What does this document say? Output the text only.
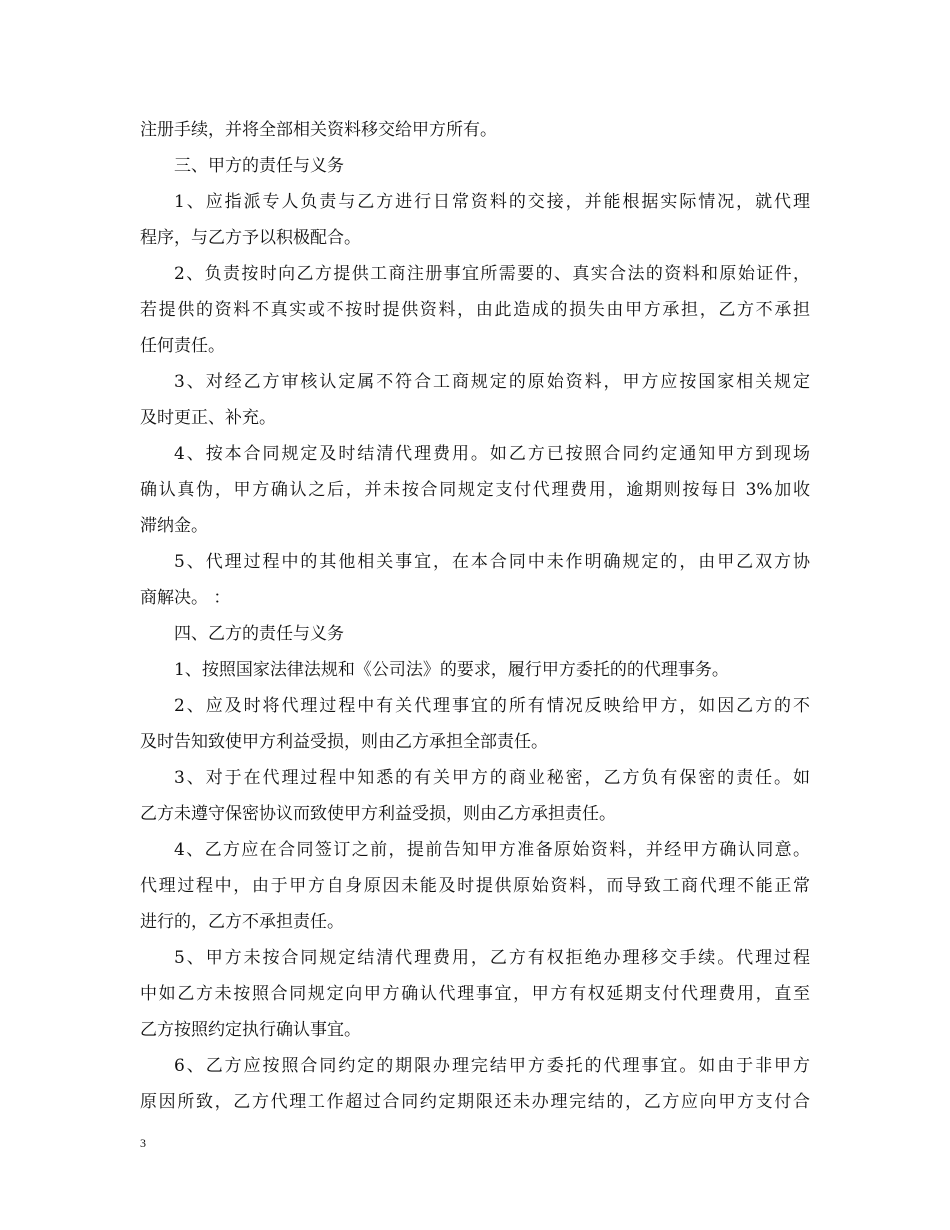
注册手续，并将全部相关资料移交给甲方所有。
三、甲方的责任与义务
1、应指派专人负责与乙方进行日常资料的交接，并能根据实际情况，就代理
程序，与乙方予以积极配合。
2、负责按时向乙方提供工商注册事宜所需要的、真实合法的资料和原始证件，
若提供的资料不真实或不按时提供资料，由此造成的损失由甲方承担，乙方不承担
任何责任。
3、对经乙方审核认定属不符合工商规定的原始资料，甲方应按国家相关规定
及时更正、补充。
4、按本合同规定及时结清代理费用。如乙方已按照合同约定通知甲方到现场
确认真伪，甲方确认之后，并未按合同规定支付代理费用，逾期则按每日 3%加收
滞纳金。
5、代理过程中的其他相关事宜，在本合同中未作明确规定的，由甲乙双方协
商解决。 ：
四、乙方的责任与义务
1、按照国家法律法规和《公司法》的要求，履行甲方委托的的代理事务。
2、应及时将代理过程中有关代理事宜的所有情况反映给甲方，如因乙方的不
及时告知致使甲方利益受损，则由乙方承担全部责任。
3、对于在代理过程中知悉的有关甲方的商业秘密，乙方负有保密的责任。如
乙方未遵守保密协议而致使甲方利益受损，则由乙方承担责任。
4、乙方应在合同签订之前，提前告知甲方准备原始资料，并经甲方确认同意。
代理过程中，由于甲方自身原因未能及时提供原始资料，而导致工商代理不能正常
进行的，乙方不承担责任。
5、甲方未按合同规定结清代理费用，乙方有权拒绝办理移交手续。代理过程
中如乙方未按照合同规定向甲方确认代理事宜，甲方有权延期支付代理费用，直至
乙方按照约定执行确认事宜。
6、乙方应按照合同约定的期限办理完结甲方委托的代理事宜。如由于非甲方
原因所致，乙方代理工作超过合同约定期限还未办理完结的，乙方应向甲方支付合
3
